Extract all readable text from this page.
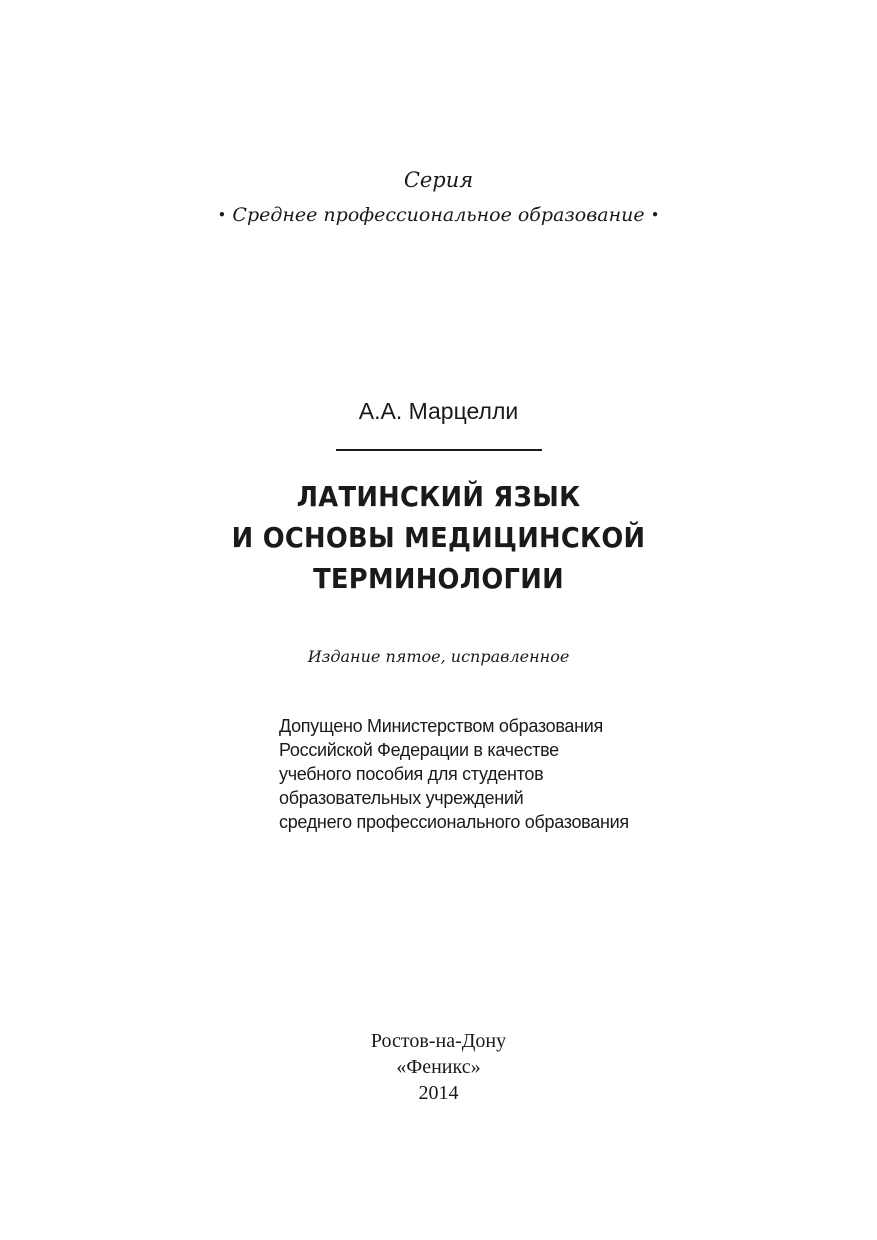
Серия
• Среднее профессиональное образование •
А.А. Марцелли
ЛАТИНСКИЙ ЯЗЫК
И ОСНОВЫ МЕДИЦИНСКОЙ
ТЕРМИНОЛОГИИ
Издание пятое, исправленное
Допущено Министерством образования
Российской Федерации в качестве
учебного пособия для студентов
образовательных учреждений
среднего профессионального образования
Ростов-на-Дону
«Феникс»
2014
